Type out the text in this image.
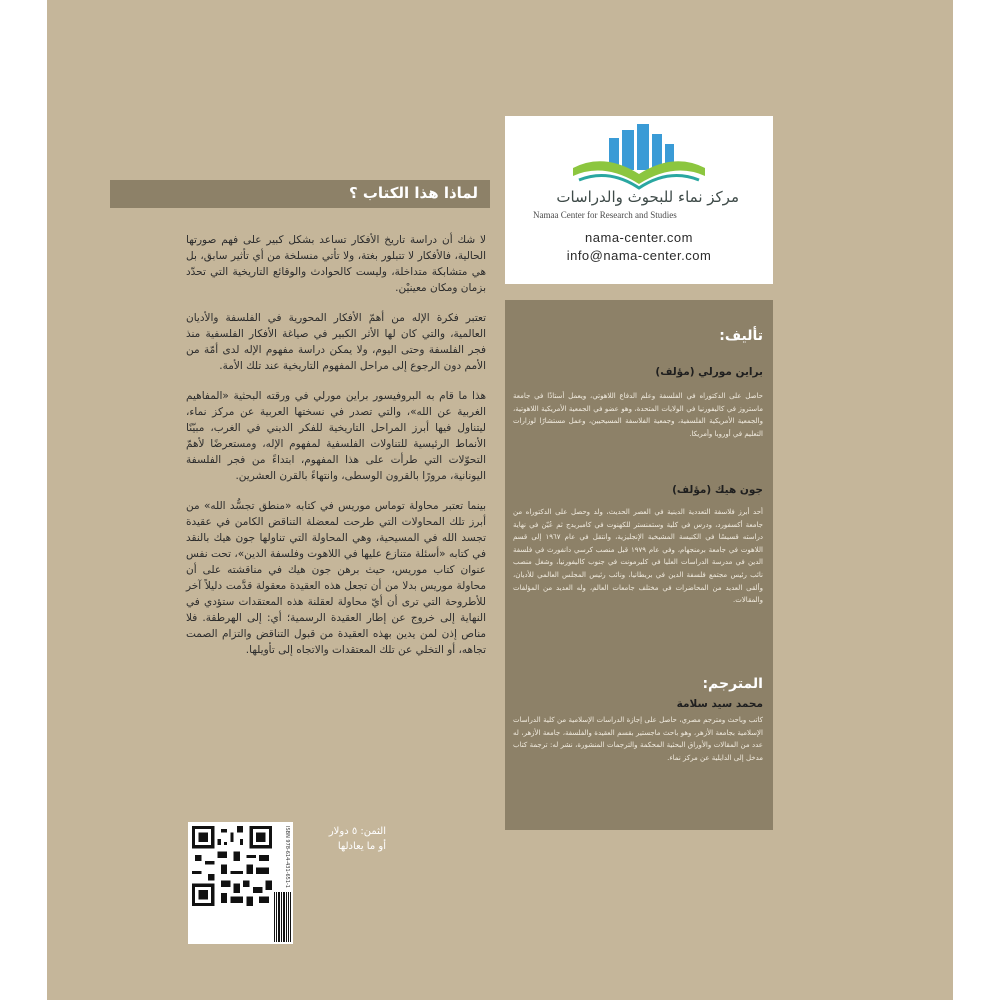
مركز نماء للبحوث والدراسات
Namaa Center for Research and Studies
nama-center.com
info@nama-center.com
لماذا هذا الكتاب ؟

لا شك أن دراسة تاريخ الأفكار تساعد بشكل كبير على فهم صورتها الحالية، فالأفكار لا تتبلور بغتة، ولا تأتي منسلخة من أي تأثير سابق، بل هي متشابكة متداخلة، وليست كالحوادث والوقائع التاريخية التي تحدّد بزمان ومكان معينيْن.

تعتبر فكرة الإله من أهمّ الأفكار المحورية في الفلسفة والأديان العالمية، والتي كان لها الأثر الكبير في صياغة الأفكار الفلسفية منذ فجر الفلسفة وحتى اليوم، ولا يمكن دراسة مفهوم الإله لدى أمّة من الأمم دون الرجوع إلى مراحل المفهوم التاريخية عند تلك الأمة.

هذا ما قام به البروفيسور براين مورلي في ورقته البحثية «المفاهيم الغربية عن الله»، والتي تصدر في نسختها العربية عن مركز نماء، ليتناول فيها أبرز المراحل التاريخية للفكر الديني في الغرب، مبيّنًا الأنماط الرئيسية للتناولات الفلسفية لمفهوم الإله، ومستعرضًا لأهمّ التحوّلات التي طرأت على هذا المفهوم، ابتداءً من فجر الفلسفة اليونانية، مرورًا بالقرون الوسطى، وانتهاءً بالقرن العشرين.

بينما تعتبر محاولة توماس موريس في كتابه «منطق تجسُّد الله» من أبرز تلك المحاولات التي طرحت لمعضلة التناقض الكامن في عقيدة تجسد الله في المسيحية، وهي المحاولة التي تناولها جون هيك بالنقد في كتابه «أسئلة متنازع عليها في اللاهوت وفلسفة الدين»، تحت نفس عنوان كتاب موريس، حيث برهن جون هيك في مناقشته على أن محاولة موريس بدلا من أن تجعل هذه العقيدة معقولة قدَّمت دليلاً آخر للأطروحة التي ترى أن أيّ محاولة لعقلنة هذه المعتقدات ستؤدي في النهاية إلى خروج عن إطار العقيدة الرسمية؛ أي: إلى الهرطقة. فلا مناص إذن لمن يدين بهذه العقيدة من قبول التناقض والتزام الصمت تجاهه، أو التخلي عن تلك المعتقدات والاتجاه إلى تأويلها.

تأليف:
براين مورلي (مؤلف)
حاصل على الدكتوراه في الفلسفة وعلم الدفاع اللاهوتي، ويعمل أستاذًا في جامعة ماستروز في كاليفورنيا في الولايات المتحدة، وهو عضو في الجمعية الأمريكية اللاهوتية، والجمعية الأمريكية الفلسفية، وجمعية الفلاسفة المسيحيين، وعمل مستشارًا لوزارات التعليم في أوروبا وأمريكا.
جون هيك (مؤلف)
أحد أبرز فلاسفة التعددية الدينية في العصر الحديث، ولد وحصل على الدكتوراه من جامعة أكسفورد، ودرس في كلية وستمنستر للكهنوت في كامبريدج ثم عُيّن في نهاية دراسته قسيسًا في الكنيسة المشيخية الإنجليزية، وانتقل في عام ١٩٦٧ إلى قسم اللاهوت في جامعة برمنجهام، وفي عام ١٩٧٩ قبل منصب كرسي دانفورث في فلسفة الدين في مدرسة الدراسات العليا في كليرمونت في جنوب كاليفورنيا، وشغل منصب نائب رئيس مجتمع فلسفة الدين في بريطانيا، ونائب رئيس المجلس العالمي للأديان، وألقى العديد من المحاضرات في مختلف جامعات العالم، وله العديد من المؤلفات والمقالات.
المترجم:
محمد سيد سلامة
كاتب وباحث ومترجم مصري، حاصل على إجازة الدراسات الإسلامية من كلية الدراسات الإسلامية بجامعة الأزهر، وهو باحث ماجستير بقسم العقيدة والفلسفة، جامعة الأزهر، له عدد من المقالات والأوراق البحثية المحكمة والترجمات المنشورة، نشر له: ترجمة كتاب مدخل إلى الدايلية عن مركز نماء.
الثمن: ٥ دولار
أو ما يعادلها
ISBN 978-614-431-651-1
